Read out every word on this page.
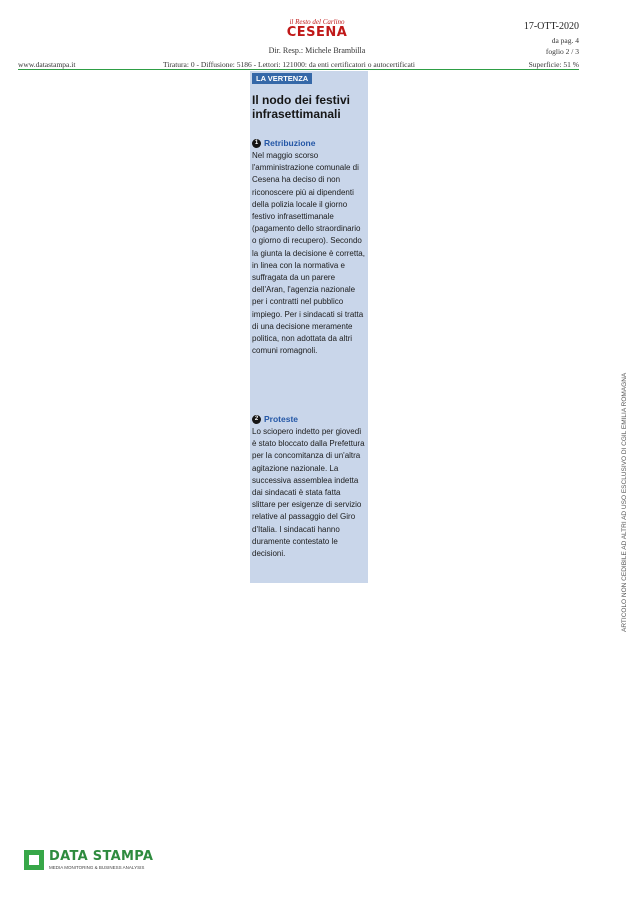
il Resto del Carlino
CESENA
Dir. Resp.: Michele Brambilla
17-OTT-2020
da pag. 4
foglio 2 / 3
www.datastampa.it	Tiratura: 0 - Diffusione: 5186 - Lettori: 121000: da enti certificatori o autocertificati	Superficie: 51 %
LA VERTENZA
Il nodo dei festivi infrasettimanali
1 Retribuzione
Nel maggio scorso l'amministrazione comunale di Cesena ha deciso di non riconoscere più ai dipendenti della polizia locale il giorno festivo infrasettimanale (pagamento dello straordinario o giorno di recupero). Secondo la giunta la decisione è corretta, in linea con la normativa e suffragata da un parere dell'Aran, l'agenzia nazionale per i contratti nel pubblico impiego. Per i sindacati si tratta di una decisione meramente politica, non adottata da altri comuni romagnoli.
2 Proteste
Lo sciopero indetto per giovedì è stato bloccato dalla Prefettura per la concomitanza di un'altra agitazione nazionale. La successiva assemblea indetta dai sindacati è stata fatta slittare per esigenze di servizio relative al passaggio del Giro d'Italia. I sindacati hanno duramente contestato le decisioni.	ARTICOLO NON CEDIBILE AD ALTRI AD USO ESCLUSIVO DI CGIL EMILIA ROMAGNA
DATA STAMPA
MEDIA MONITORING & BUSINESS ANALYSIS
